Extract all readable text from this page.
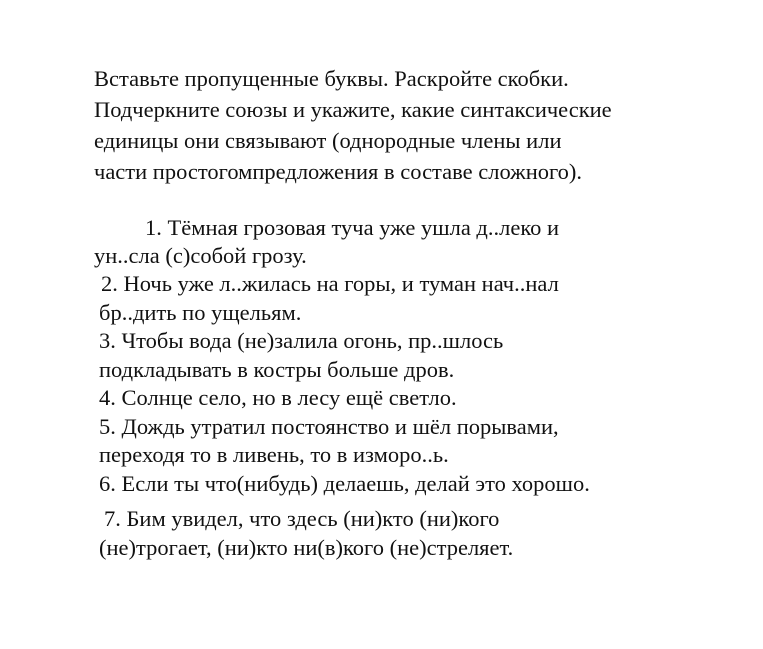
Вставьте пропущенные буквы. Раскройте скобки.
Подчеркните союзы и укажите, какие синтаксические
единицы они связывают (однородные члены или
части простогомпредложения в составе сложного).
1. Тёмная грозовая туча уже ушла д..леко и
ун..сла (с)собой грозу.
2. Ночь уже л..жилась на горы, и туман нач..нал
бр..дить по ущельям.
3. Чтобы вода (не)залила огонь, пр..шлось
подкладывать в костры больше дров.
4. Солнце село, но в лесу ещё светло.
5. Дождь утратил постоянство и шёл порывами,
переходя то в ливень, то в изморо..ь.
6. Если ты что(нибудь) делаешь, делай это хорошо.
7. Бим увидел, что здесь (ни)кто (ни)кого
(не)трогает, (ни)кто ни(в)кого (не)стреляет.
